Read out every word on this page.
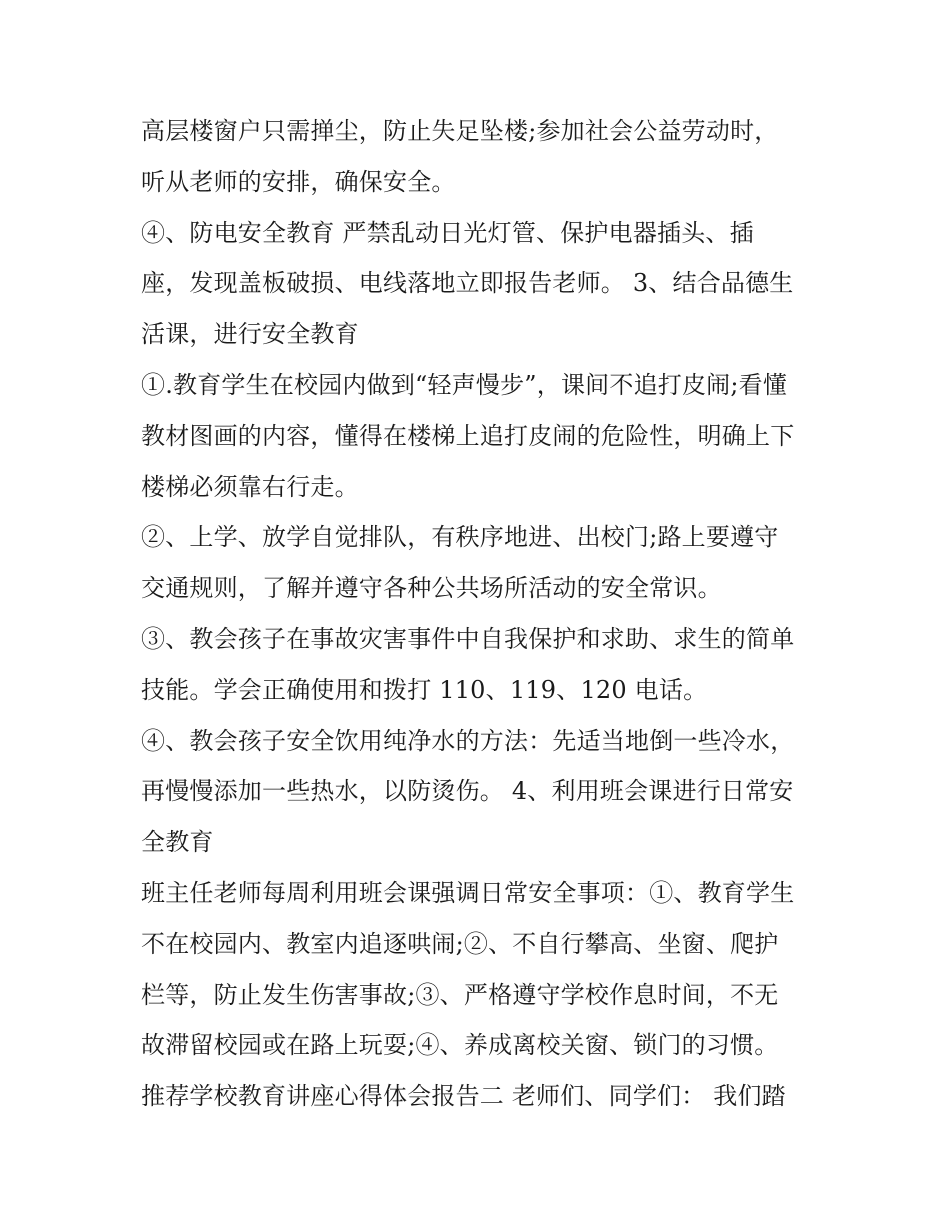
高层楼窗户只需掸尘，防止失足坠楼;参加社会公益劳动时，
听从老师的安排，确保安全。
④、防电安全教育 严禁乱动日光灯管、保护电器插头、插
座，发现盖板破损、电线落地立即报告老师。 3、结合品德生
活课，进行安全教育
①.教育学生在校园内做到“轻声慢步”，课间不追打皮闹;看懂
教材图画的内容，懂得在楼梯上追打皮闹的危险性，明确上下
楼梯必须靠右行走。
②、上学、放学自觉排队，有秩序地进、出校门;路上要遵守
交通规则，了解并遵守各种公共场所活动的安全常识。
③、教会孩子在事故灾害事件中自我保护和求助、求生的简单
技能。学会正确使用和拨打 110、119、120 电话。
④、教会孩子安全饮用纯净水的方法：先适当地倒一些冷水，
再慢慢添加一些热水，以防烫伤。 4、利用班会课进行日常安
全教育
班主任老师每周利用班会课强调日常安全事项：①、教育学生
不在校园内、教室内追逐哄闹;②、不自行攀高、坐窗、爬护
栏等，防止发生伤害事故;③、严格遵守学校作息时间，不无
故滞留校园或在路上玩耍;④、养成离校关窗、锁门的习惯。
推荐学校教育讲座心得体会报告二 老师们、同学们： 我们踏
